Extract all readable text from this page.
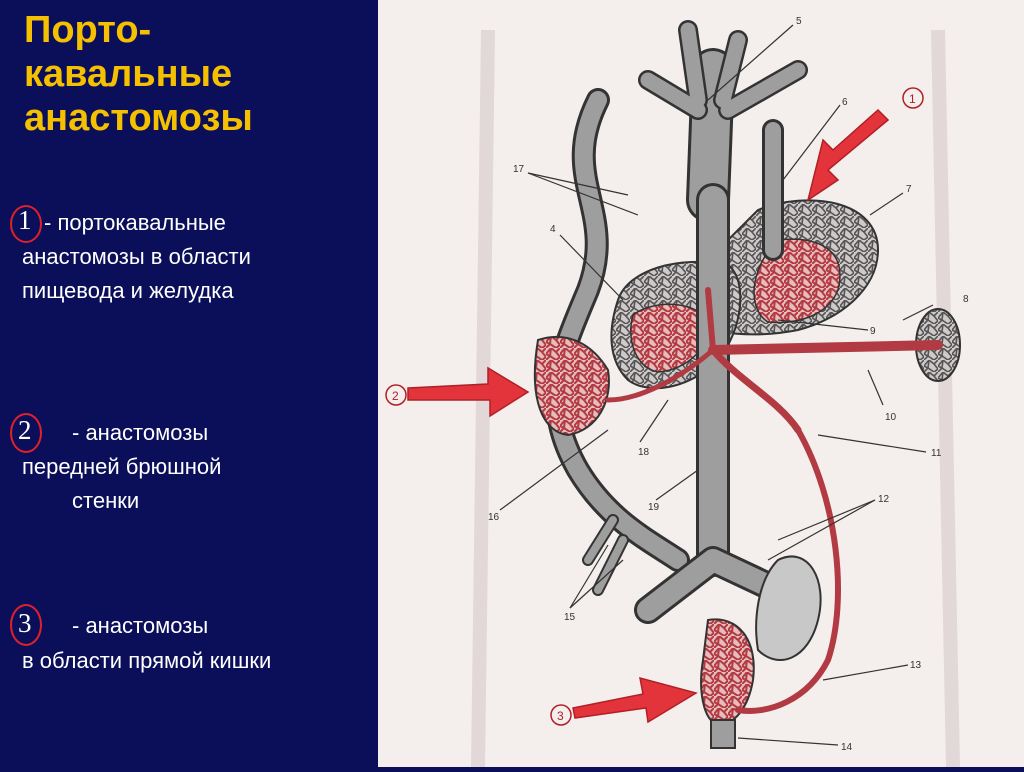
Порто-
кавальные
анастомозы
1 - портокавальные
анастомозы в области
пищевода и желудка
2 - анастомозы
передней брюшной
стенки
3 - анастомозы
в области прямой кишки
1
2
3
4
5
6
7
8
9
10
11
12
13
14
15
16
17
18
19
